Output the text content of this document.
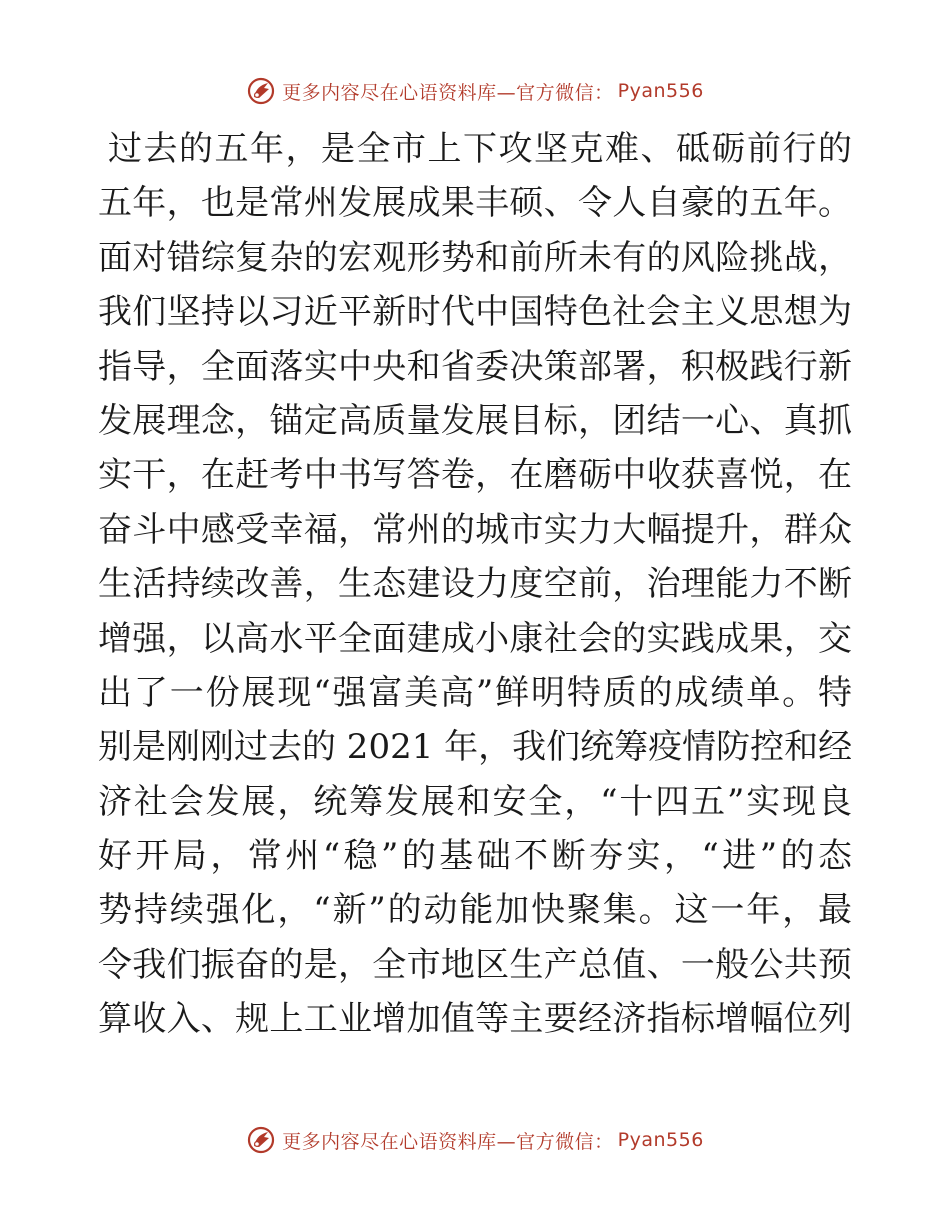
更多内容尽在心语资料库—官方微信： Pyan556
过去的五年，是全市上下攻坚克难、砥砺前行的
五年，也是常州发展成果丰硕、令人自豪的五年。
面对错综复杂的宏观形势和前所未有的风险挑战，
我们坚持以习近平新时代中国特色社会主义思想为
指导，全面落实中央和省委决策部署，积极践行新
发展理念，锚定高质量发展目标，团结一心、真抓
实干，在赶考中书写答卷，在磨砺中收获喜悦，在
奋斗中感受幸福，常州的城市实力大幅提升，群众
生活持续改善，生态建设力度空前，治理能力不断
增强，以高水平全面建成小康社会的实践成果，交
出了一份展现“强富美高”鲜明特质的成绩单。特
别是刚刚过去的 2021 年，我们统筹疫情防控和经
济社会发展，统筹发展和安全，“十四五”实现良
好开局，常州“稳”的基础不断夯实，“进”的态
势持续强化，“新”的动能加快聚集。这一年，最
令我们振奋的是，全市地区生产总值、一般公共预
算收入、规上工业增加值等主要经济指标增幅位列
更多内容尽在心语资料库—官方微信： Pyan556
